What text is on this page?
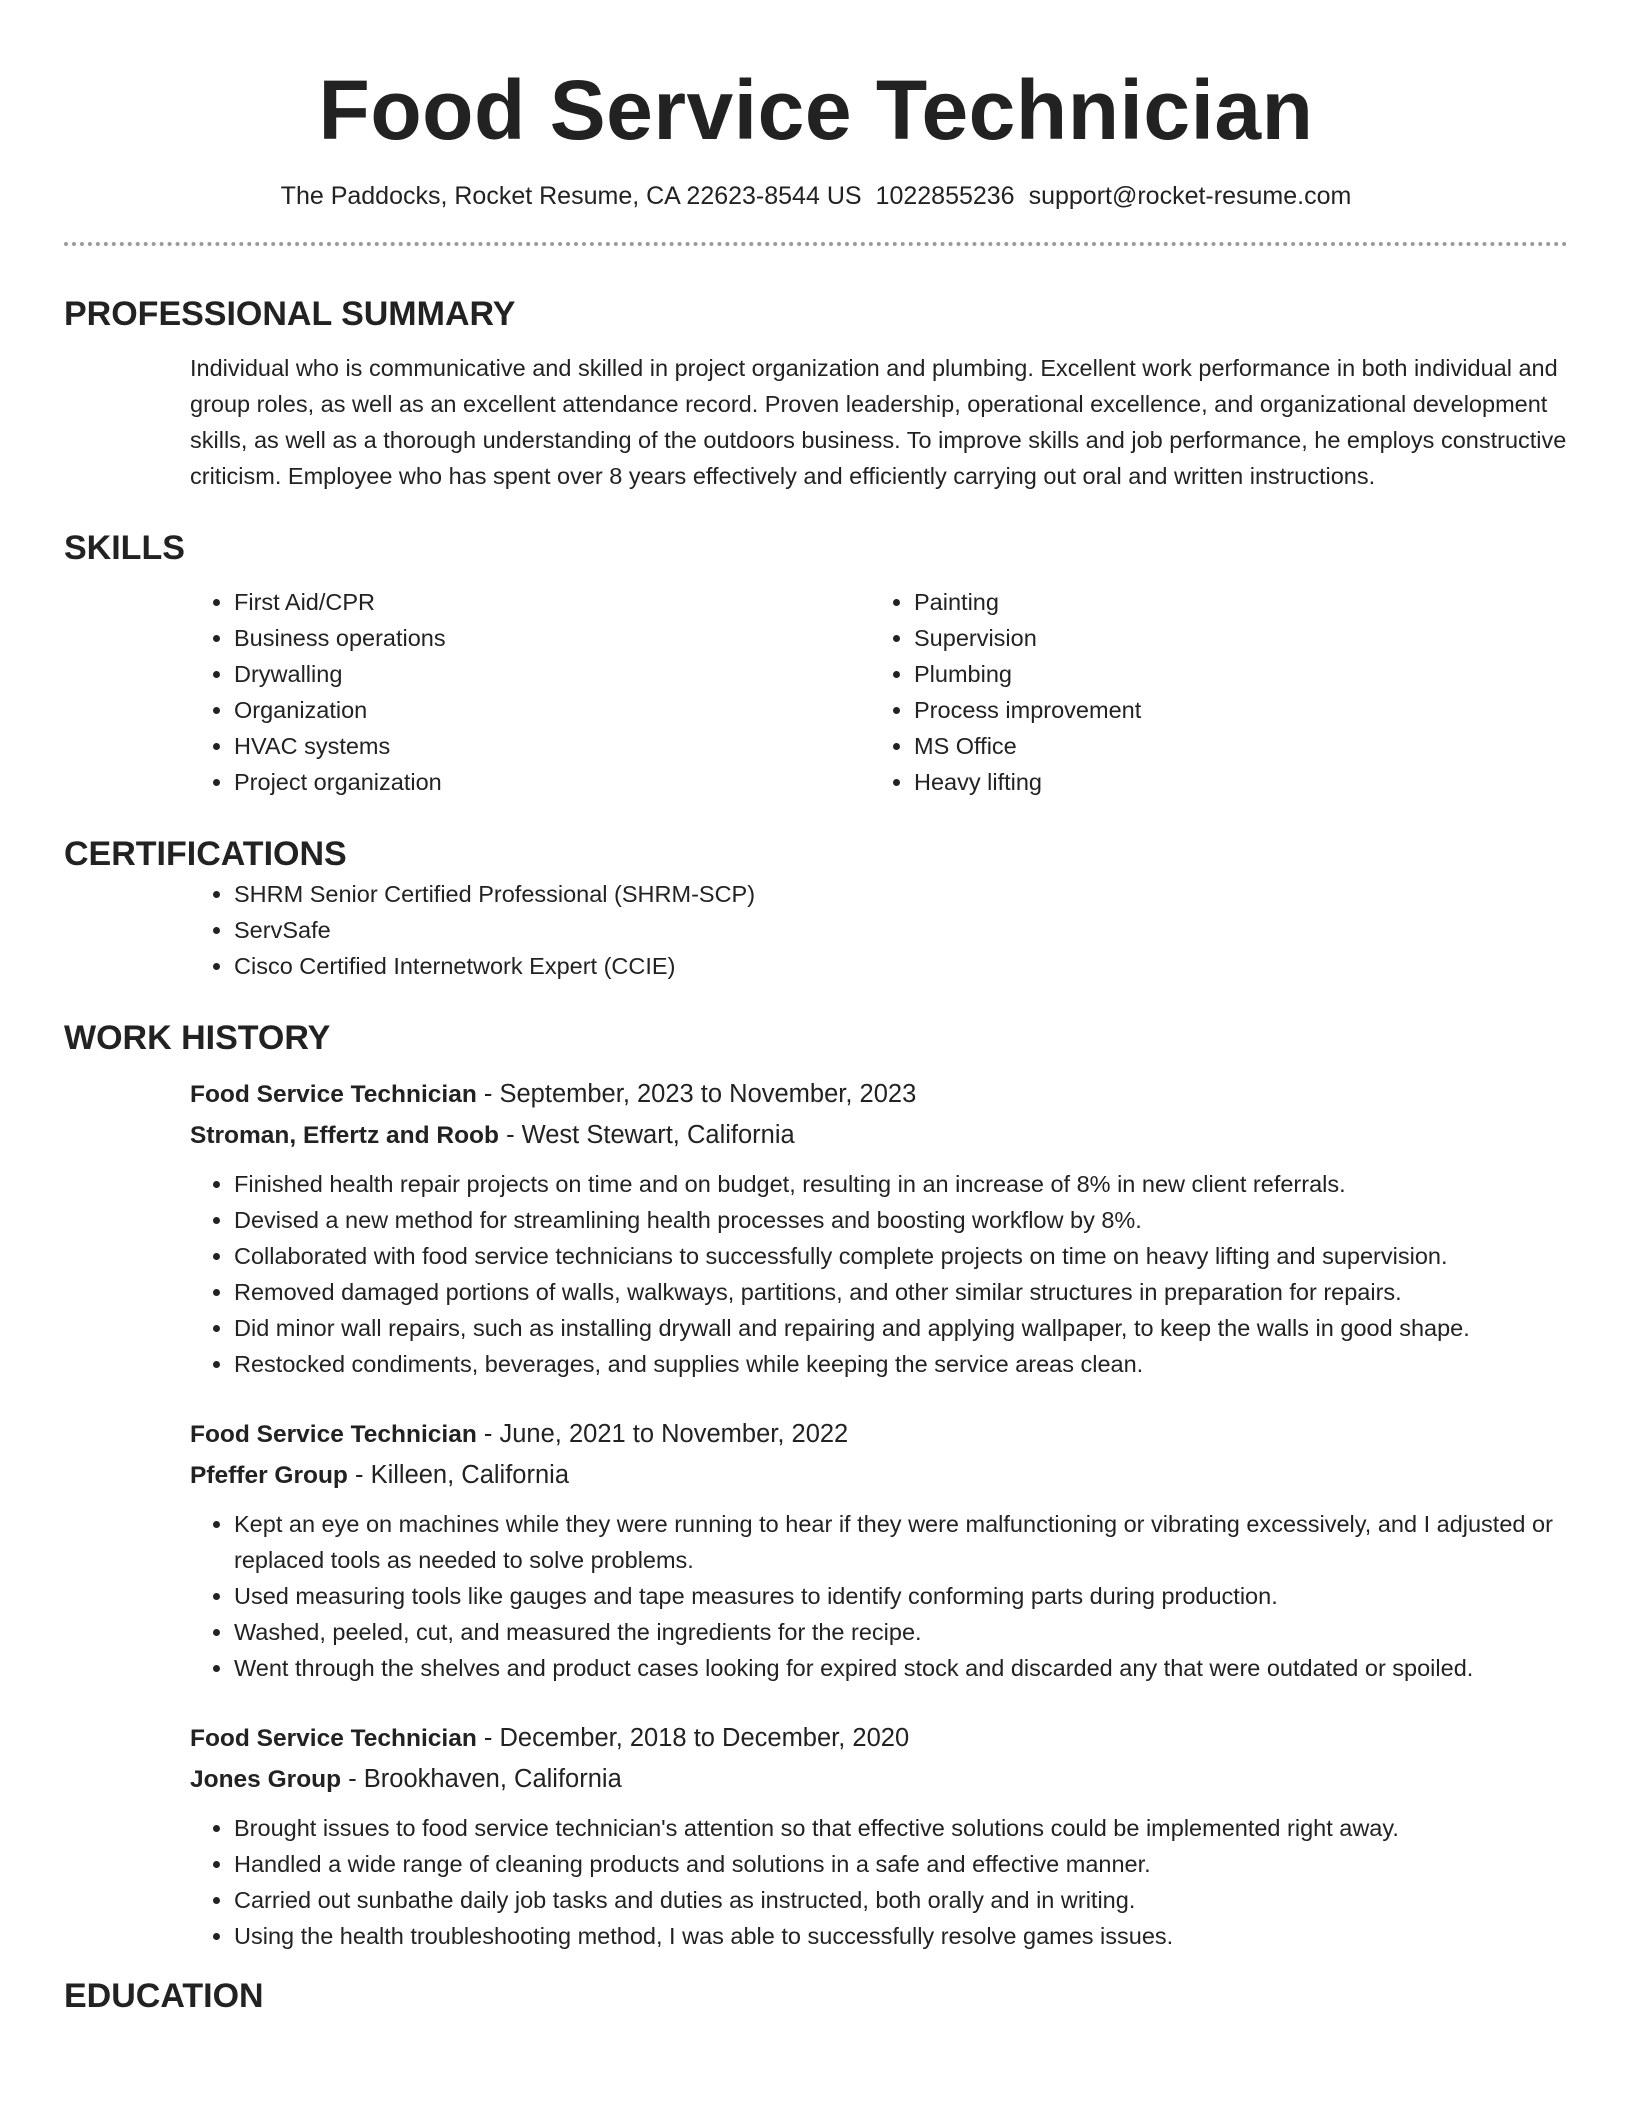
Food Service Technician
The Paddocks, Rocket Resume, CA 22623-8544 US 1022855236 support@rocket-resume.com
PROFESSIONAL SUMMARY
Individual who is communicative and skilled in project organization and plumbing. Excellent work performance in both individual and group roles, as well as an excellent attendance record. Proven leadership, operational excellence, and organizational development skills, as well as a thorough understanding of the outdoors business. To improve skills and job performance, he employs constructive criticism. Employee who has spent over 8 years effectively and efficiently carrying out oral and written instructions.
SKILLS
• First Aid/CPR
• Business operations
• Drywalling
• Organization
• HVAC systems
• Project organization
• Painting
• Supervision
• Plumbing
• Process improvement
• MS Office
• Heavy lifting
CERTIFICATIONS
• SHRM Senior Certified Professional (SHRM-SCP)
• ServSafe
• Cisco Certified Internetwork Expert (CCIE)
WORK HISTORY
Food Service Technician - September, 2023 to November, 2023
Stroman, Effertz and Roob - West Stewart, California
• Finished health repair projects on time and on budget, resulting in an increase of 8% in new client referrals.
• Devised a new method for streamlining health processes and boosting workflow by 8%.
• Collaborated with food service technicians to successfully complete projects on time on heavy lifting and supervision.
• Removed damaged portions of walls, walkways, partitions, and other similar structures in preparation for repairs.
• Did minor wall repairs, such as installing drywall and repairing and applying wallpaper, to keep the walls in good shape.
• Restocked condiments, beverages, and supplies while keeping the service areas clean.
Food Service Technician - June, 2021 to November, 2022
Pfeffer Group - Killeen, California
• Kept an eye on machines while they were running to hear if they were malfunctioning or vibrating excessively, and I adjusted or replaced tools as needed to solve problems.
• Used measuring tools like gauges and tape measures to identify conforming parts during production.
• Washed, peeled, cut, and measured the ingredients for the recipe.
• Went through the shelves and product cases looking for expired stock and discarded any that were outdated or spoiled.
Food Service Technician - December, 2018 to December, 2020
Jones Group - Brookhaven, California
• Brought issues to food service technician's attention so that effective solutions could be implemented right away.
• Handled a wide range of cleaning products and solutions in a safe and effective manner.
• Carried out sunbathe daily job tasks and duties as instructed, both orally and in writing.
• Using the health troubleshooting method, I was able to successfully resolve games issues.
EDUCATION
